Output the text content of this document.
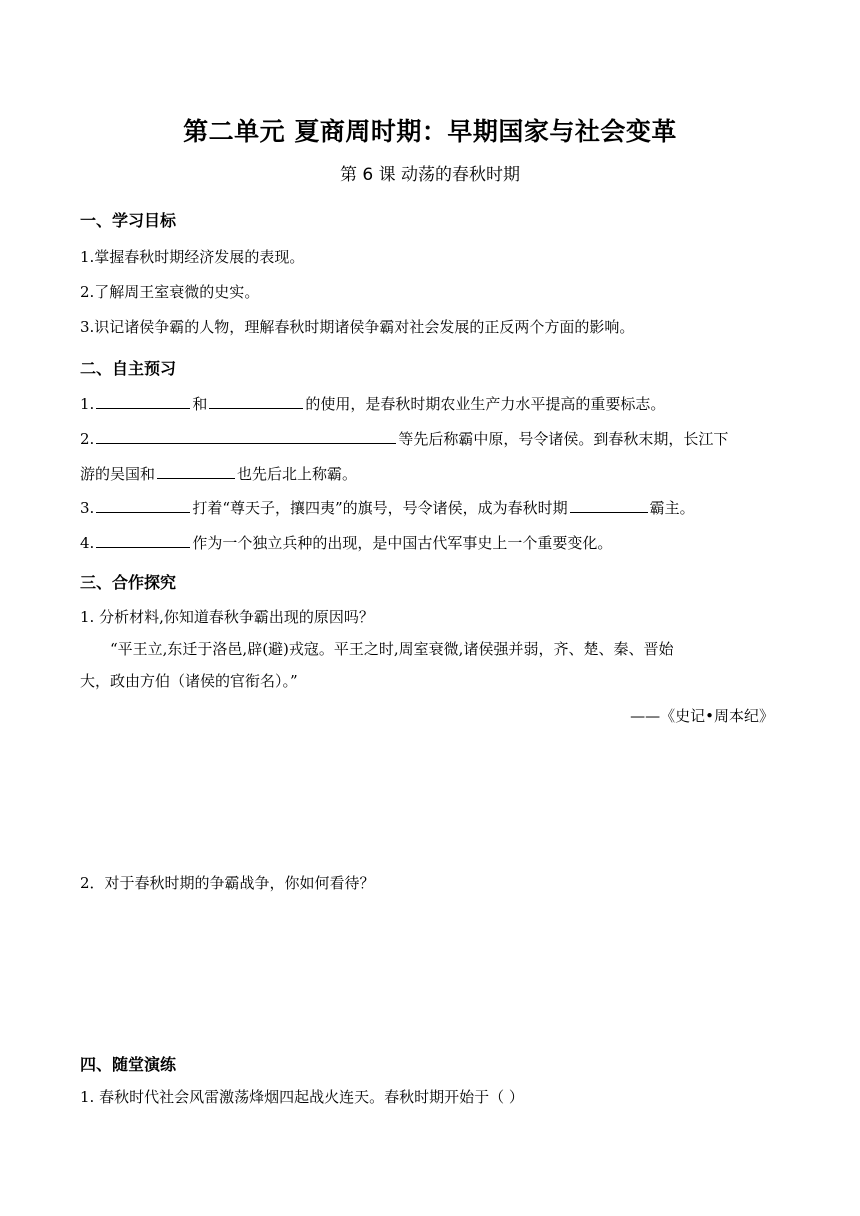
第二单元 夏商周时期：早期国家与社会变革
第 6 课 动荡的春秋时期
一、学习目标
1.掌握春秋时期经济发展的表现。
2.了解周王室衰微的史实。
3.识记诸侯争霸的人物，理解春秋时期诸侯争霸对社会发展的正反两个方面的影响。
二、自主预习
1.	和	的使用，是春秋时期农业生产力水平提高的重要标志。
2.	等先后称霸中原，号令诸侯。到春秋末期，长江下
游的吴国和	也先后北上称霸。
3.	打着“尊天子，攘四夷”的旗号，号令诸侯，成为春秋时期	霸主。
4.	作为一个独立兵种的出现，是中国古代军事史上一个重要变化。
三、合作探究
1. 分析材料,你知道春秋争霸出现的原因吗？
“平王立,东迁于洛邑,辟(避)戎寇。平王之时,周室衰微,诸侯强并弱，齐、楚、秦、晋始
大，政由方伯（诸侯的官衔名）。”
——《史记•周本纪》
2．对于春秋时期的争霸战争，你如何看待？
四、随堂演练
1. 春秋时代社会风雷激荡烽烟四起战火连天。春秋时期开始于（ ）
